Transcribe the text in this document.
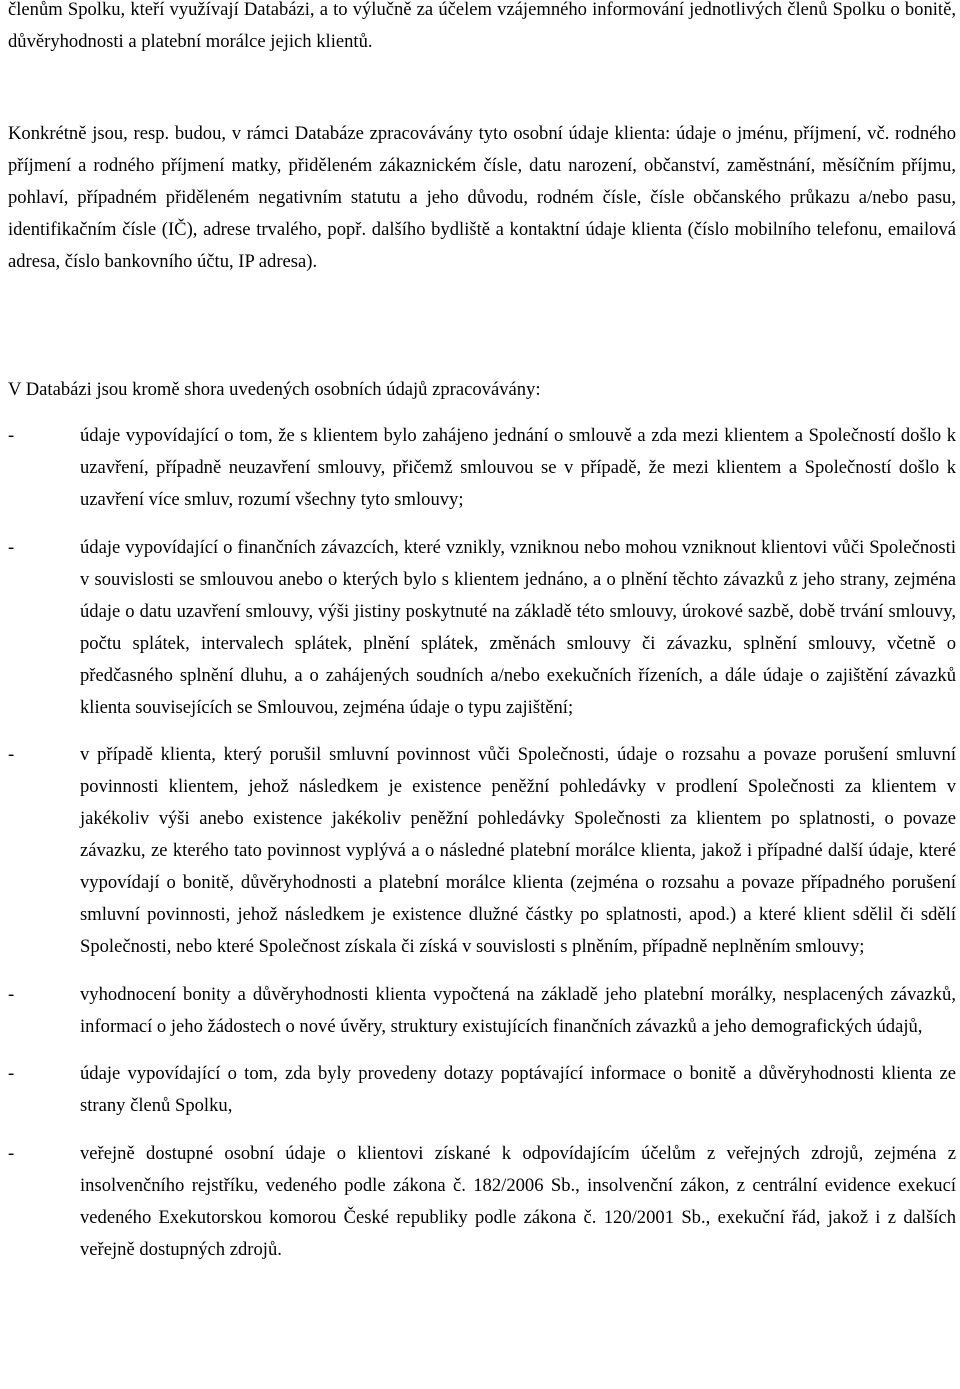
členům Spolku, kteří využívají Databázi, a to výlučně za účelem vzájemného informování jednotlivých členů Spolku o bonitě, důvěryhodnosti a platební morálce jejich klientů.

Konkrétně jsou, resp. budou, v rámci Databáze zpracovávány tyto osobní údaje klienta: údaje o jménu, příjmení, vč. rodného příjmení a rodného příjmení matky, přiděleném zákaznickém čísle, datu narození, občanství, zaměstnání, měsíčním příjmu, pohlaví, případném přiděleném negativním statutu a jeho důvodu, rodném čísle, čísle občanského průkazu a/nebo pasu, identifikačním čísle (IČ), adrese trvalého, popř. dalšího bydliště a kontaktní údaje klienta (číslo mobilního telefonu, emailová adresa, číslo bankovního účtu, IP adresa).

V Databázi jsou kromě shora uvedených osobních údajů zpracovávány:

-	údaje vypovídající o tom, že s klientem bylo zahájeno jednání o smlouvě a zda mezi klientem a Společností došlo k uzavření, případně neuzavření smlouvy, přičemž smlouvou se v případě, že mezi klientem a Společností došlo k uzavření více smluv, rozumí všechny tyto smlouvy;
-	údaje vypovídající o finančních závazcích, které vznikly, vzniknou nebo mohou vzniknout klientovi vůči Společnosti v souvislosti se smlouvou anebo o kterých bylo s klientem jednáno, a o plnění těchto závazků z jeho strany, zejména údaje o datu uzavření smlouvy, výši jistiny poskytnuté na základě této smlouvy, úrokové sazbě, době trvání smlouvy, počtu splátek, intervalech splátek, plnění splátek, změnách smlouvy či závazku, splnění smlouvy, včetně o předčasného splnění dluhu, a o zahájených soudních a/nebo exekučních řízeních, a dále údaje o zajištění závazků klienta souvisejících se Smlouvou, zejména údaje o typu zajištění;
-	v případě klienta, který porušil smluvní povinnost vůči Společnosti, údaje o rozsahu a povaze porušení smluvní povinnosti klientem, jehož následkem je existence peněžní pohledávky v prodlení Společnosti za klientem v jakékoliv výši anebo existence jakékoliv peněžní pohledávky Společnosti za klientem po splatnosti, o povaze závazku, ze kterého tato povinnost vyplývá a o následné platební morálce klienta, jakož i případné další údaje, které vypovídají o bonitě, důvěryhodnosti a platební morálce klienta (zejména o rozsahu a povaze případného porušení smluvní povinnosti, jehož následkem je existence dlužné částky po splatnosti, apod.) a které klient sdělil či sdělí Společnosti, nebo které Společnost získala či získá v souvislosti s plněním, případně neplněním smlouvy;
-	vyhodnocení bonity a důvěryhodnosti klienta vypočtená na základě jeho platební morálky, nesplacených závazků, informací o jeho žádostech o nové úvěry, struktury existujících finančních závazků a jeho demografických údajů,
-	údaje vypovídající o tom, zda byly provedeny dotazy poptávající informace o bonitě a důvěryhodnosti klienta ze strany členů Spolku,
-	veřejně dostupné osobní údaje o klientovi získané k odpovídajícím účelům z veřejných zdrojů, zejména z insolvenčního rejstříku, vedeného podle zákona č. 182/2006 Sb., insolvenční zákon, z centrální evidence exekucí vedeného Exekutorskou komorou České republiky podle zákona č. 120/2001 Sb., exekuční řád, jakož i z dalších veřejně dostupných zdrojů.
